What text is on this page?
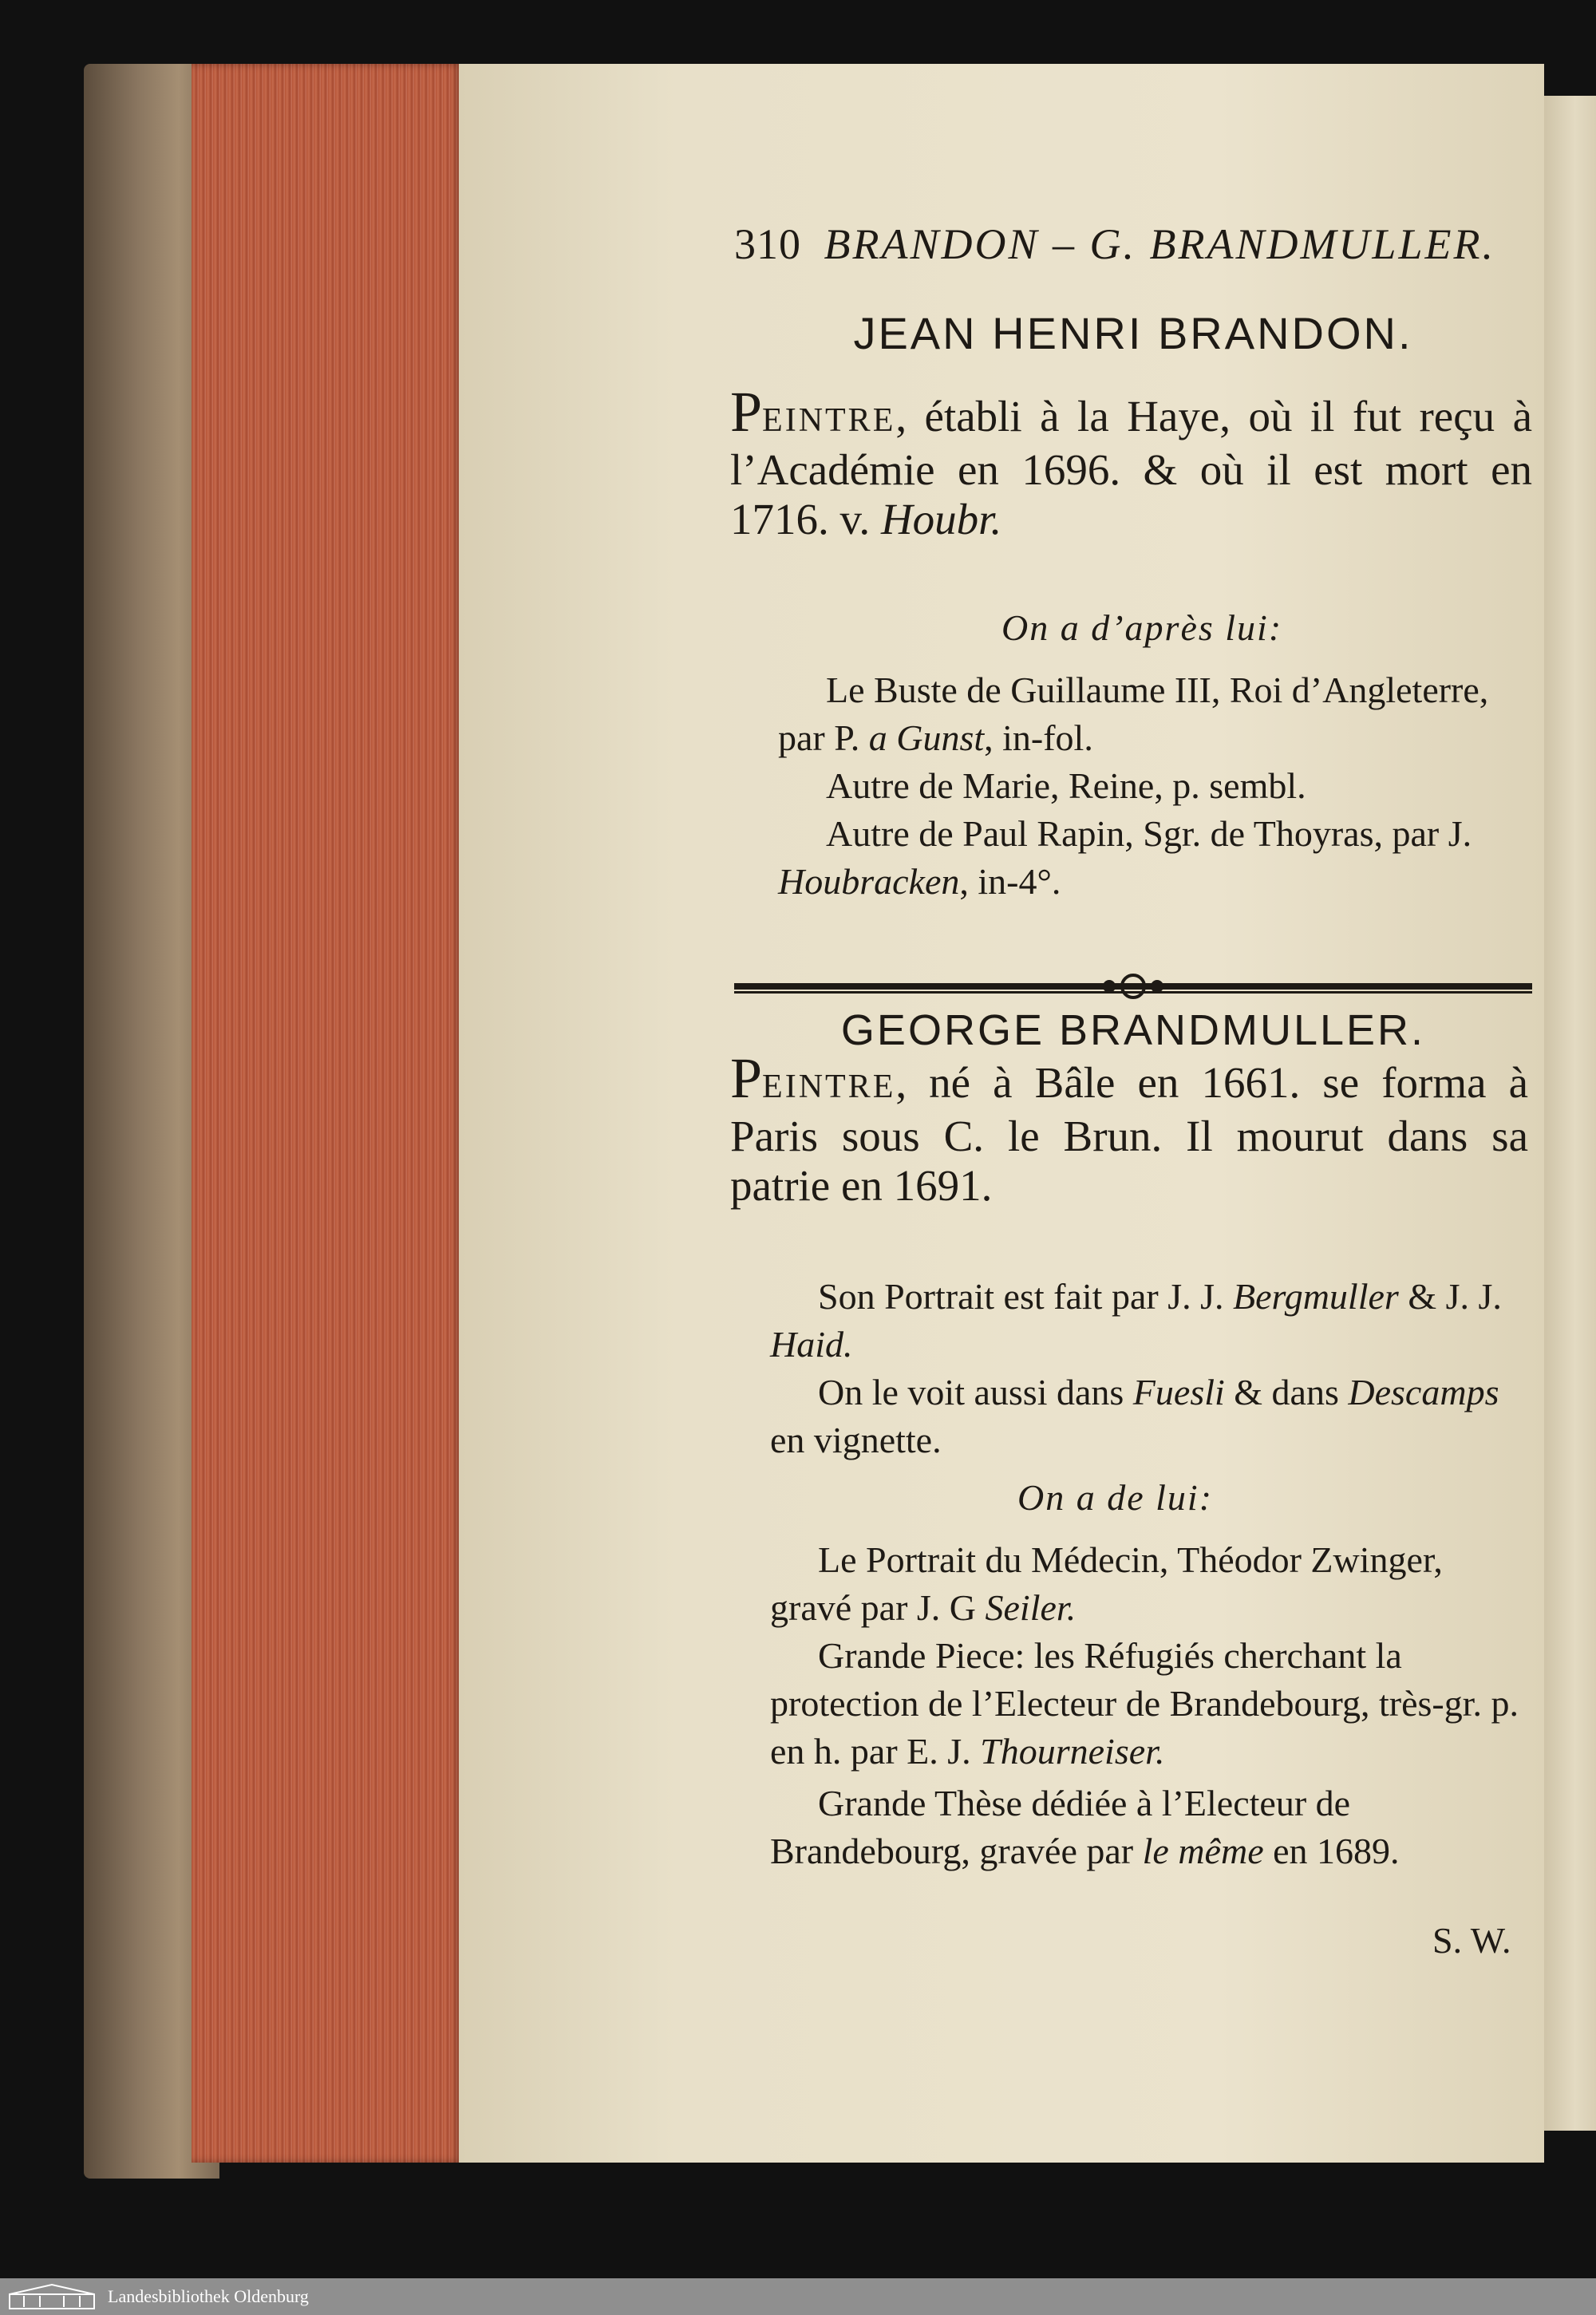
310 BRANDON – G. BRANDMULLER.
JEAN HENRI BRANDON.
PEINTRE, établi à la Haye, où il fut reçu à l’Académie en 1696. & où il est mort en 1716. v. Houbr.
On a d’après lui:
Le Buste de Guillaume III, Roi d’Angleterre, par P. a Gunst, in-fol.
Autre de Marie, Reine, p. sembl.
Autre de Paul Rapin, Sgr. de Thoyras, par J. Houbracken, in-4°.
GEORGE BRANDMULLER.
PEINTRE, né à Bâle en 1661. se forma à Paris sous C. le Brun. Il mourut dans sa patrie en 1691.
Son Portrait est fait par J. J. Bergmuller & J. J. Haid.
On le voit aussi dans Fuesli & dans Descamps en vignette.
On a de lui:
Le Portrait du Médecin, Théodor Zwinger, gravé par J. G Seiler.
Grande Piece: les Réfugiés cherchant la protection de l’Electeur de Brandebourg, très-gr. p. en h. par E. J. Thourneiser.
Grande Thèse dédiée à l’Electeur de Brandebourg, gravée par le même en 1689.
S. W.
Landesbibliothek Oldenburg
